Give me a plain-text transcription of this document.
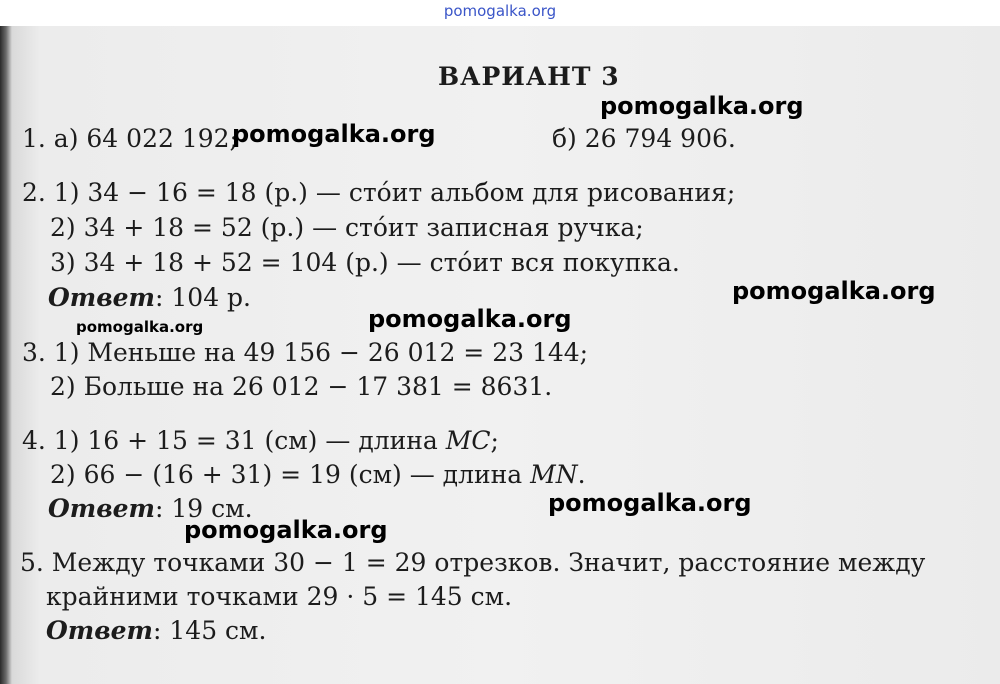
pomogalka.org
ВАРИАНТ 3
1. а) 64 022 192;	б) 26 794 906.
2. 1) 34 − 16 = 18 (р.) — стóит альбом для рисования;
2) 34 + 18 = 52 (р.) — стóит записная ручка;
3) 34 + 18 + 52 = 104 (р.) — стóит вся покупка.
Ответ: 104 р.
3. 1) Меньше на 49 156 − 26 012 = 23 144;
2) Больше на 26 012 − 17 381 = 8631.
4. 1) 16 + 15 = 31 (см) — длина MC;
2) 66 − (16 + 31) = 19 (см) — длина MN.
Ответ: 19 см.
5. Между точками 30 − 1 = 29 отрезков. Значит, расстояние между
крайними точками 29 · 5 = 145 см.
Ответ: 145 см.
pomogalka.org
pomogalka.org
pomogalka.org
pomogalka.org
pomogalka.org
pomogalka.org
pomogalka.org
